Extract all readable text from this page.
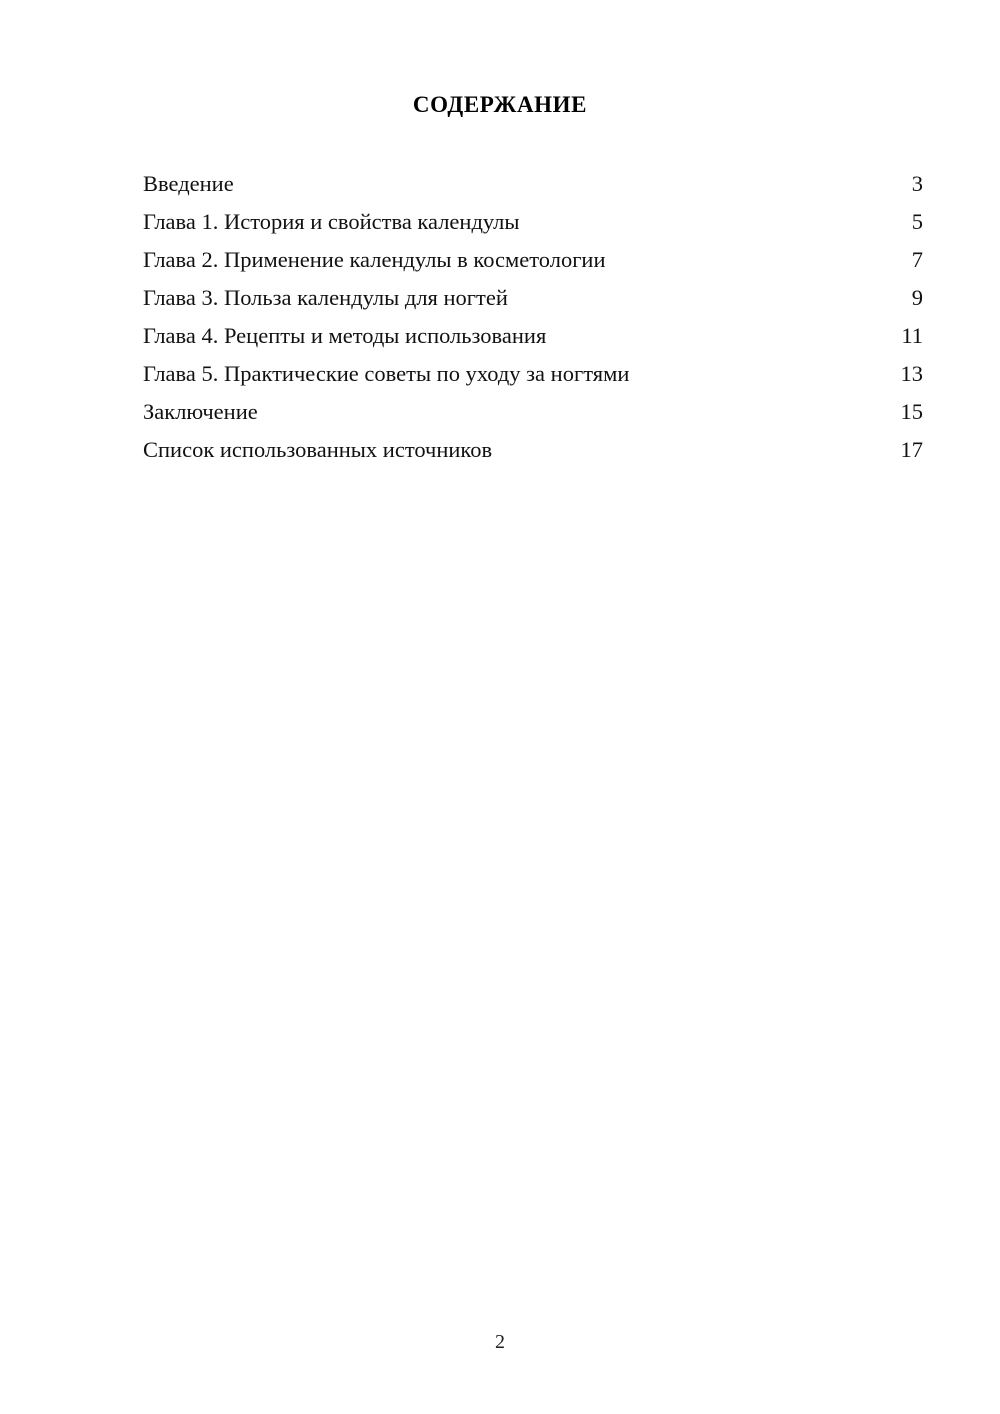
СОДЕРЖАНИЕ
Введение	3
Глава 1. История и свойства календулы	5
Глава 2. Применение календулы в косметологии	7
Глава 3. Польза календулы для ногтей	9
Глава 4. Рецепты и методы использования	11
Глава 5. Практические советы по уходу за ногтями	13
Заключение	15
Список использованных источников	17
2
